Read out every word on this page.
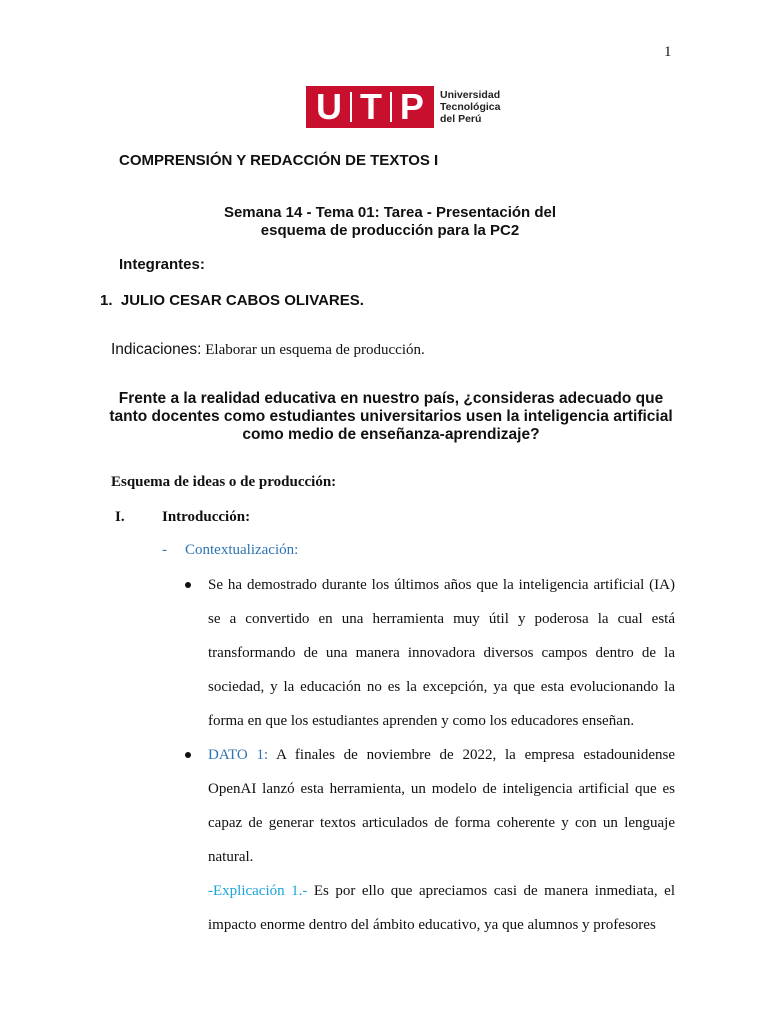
1
U T P Universidad
Tecnológica
del Perú
COMPRENSIÓN Y REDACCIÓN DE TEXTOS I
Semana 14 - Tema 01: Tarea - Presentación del
esquema de producción para la PC2
Integrantes:
1. JULIO CESAR CABOS OLIVARES.
Indicaciones: Elaborar un esquema de producción.
Frente a la realidad educativa en nuestro país, ¿consideras adecuado que
tanto docentes como estudiantes universitarios usen la inteligencia artificial
como medio de enseñanza-aprendizaje?
Esquema de ideas o de producción:
I. Introducción:
- Contextualización:

Se ha demostrado durante los últimos años que la inteligencia artificial (IA) se a convertido en una herramienta muy útil y poderosa la cual está transformando de una manera innovadora diversos campos dentro de la sociedad, y la educación no es la excepción, ya que esta evolucionando la forma en que los estudiantes aprenden y como los educadores enseñan.

DATO 1: A finales de noviembre de 2022, la empresa estadounidense OpenAI lanzó esta herramienta, un modelo de inteligencia artificial que es capaz de generar textos articulados de forma coherente y con un lenguaje natural.

-Explicación 1.- Es por ello que apreciamos casi de manera inmediata, el impacto enorme dentro del ámbito educativo, ya que alumnos y profesores
